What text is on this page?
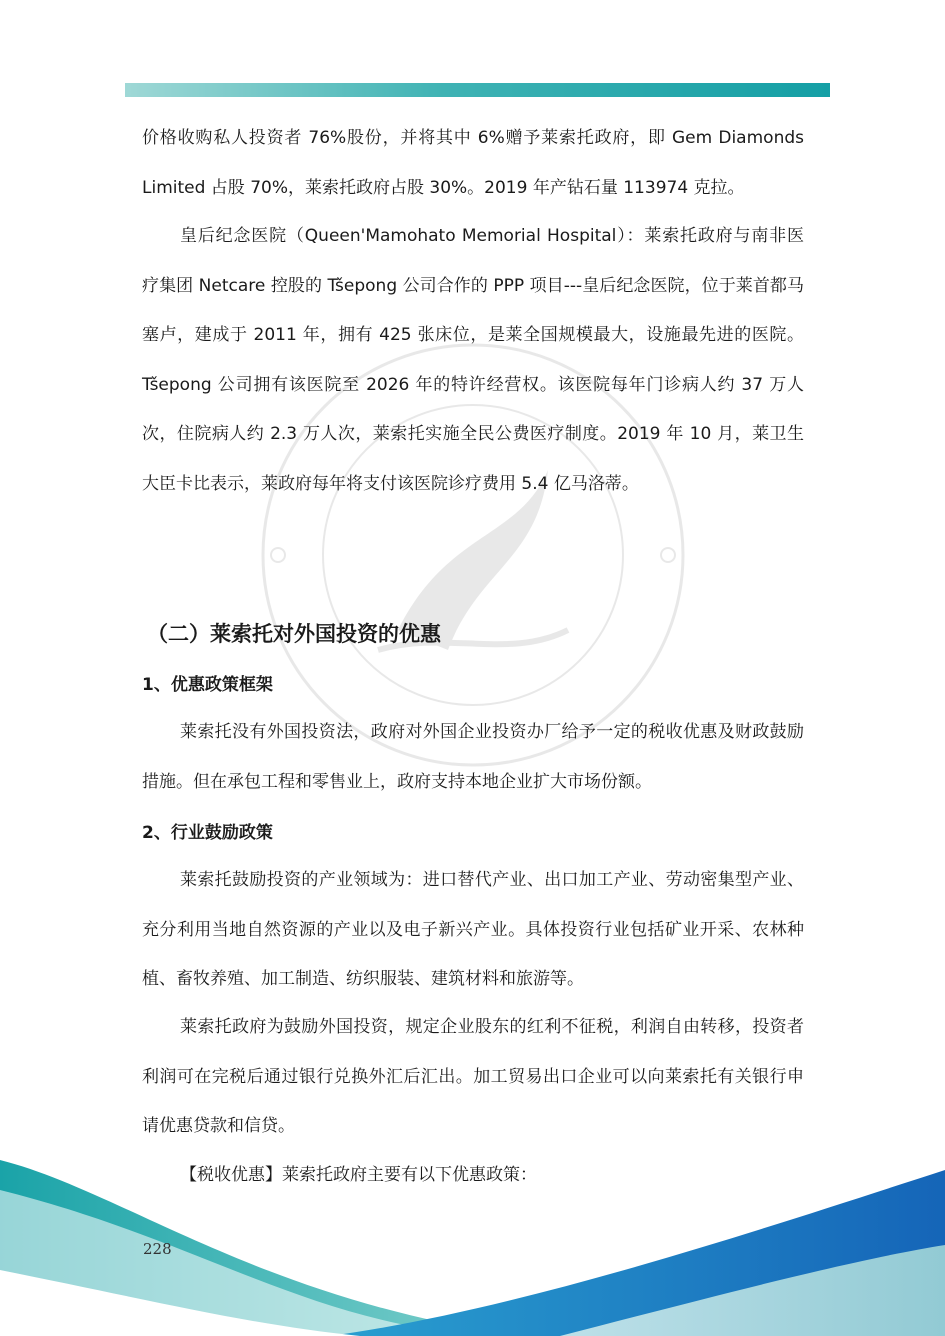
价格收购私人投资者 76%股份，并将其中 6%赠予莱索托政府，即 Gem Diamonds Limited 占股 70%，莱索托政府占股 30%。2019 年产钻石量 113974 克拉。
皇后纪念医院（Queen'Mamohato Memorial Hospital）：莱索托政府与南非医疗集团 Netcare 控股的 Tšepong 公司合作的 PPP 项目---皇后纪念医院，位于莱首都马塞卢，建成于 2011 年，拥有 425 张床位，是莱全国规模最大，设施最先进的医院。Tšepong 公司拥有该医院至 2026 年的特许经营权。该医院每年门诊病人约 37 万人次，住院病人约 2.3 万人次，莱索托实施全民公费医疗制度。2019 年 10 月，莱卫生大臣卡比表示，莱政府每年将支付该医院诊疗费用 5.4 亿马洛蒂。
（二）莱索托对外国投资的优惠
1、优惠政策框架
莱索托没有外国投资法，政府对外国企业投资办厂给予一定的税收优惠及财政鼓励措施。但在承包工程和零售业上，政府支持本地企业扩大市场份额。
2、行业鼓励政策
莱索托鼓励投资的产业领域为：进口替代产业、出口加工产业、劳动密集型产业、充分利用当地自然资源的产业以及电子新兴产业。具体投资行业包括矿业开采、农林种植、畜牧养殖、加工制造、纺织服装、建筑材料和旅游等。
莱索托政府为鼓励外国投资，规定企业股东的红利不征税，利润自由转移，投资者利润可在完税后通过银行兑换外汇后汇出。加工贸易出口企业可以向莱索托有关银行申请优惠贷款和信贷。
【税收优惠】莱索托政府主要有以下优惠政策：
228
